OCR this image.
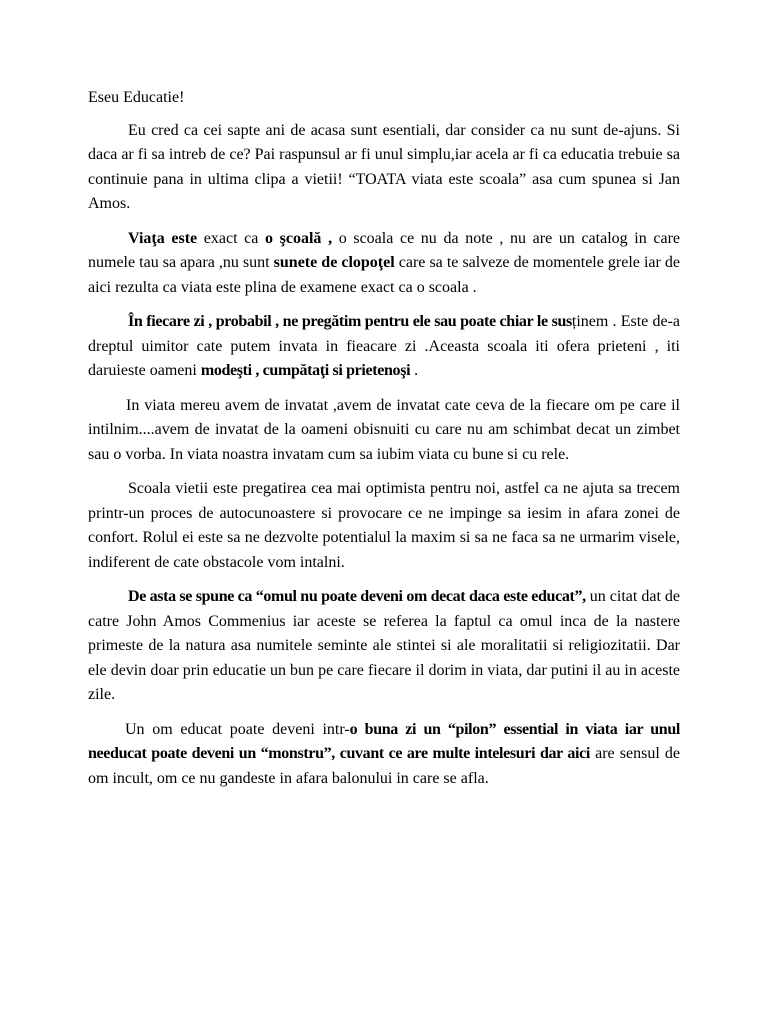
Eseu Educatie!

Eu cred ca cei sapte ani de acasa sunt esentiali, dar consider ca nu sunt de-ajuns. Si daca ar fi sa intreb de ce? Pai raspunsul ar fi unul simplu,iar acela ar fi ca educatia trebuie sa continuie pana in ultima clipa a vietii! “TOATA viata este scoala” asa cum spunea si Jan Amos.

Viaţa este exact ca o şcoală , o scoala ce nu da note , nu are un catalog in care numele tau sa apara ,nu sunt sunete de clopoţel care sa te salveze de momentele grele iar de aici rezulta ca viata este plina de examene exact ca o scoala .

În fiecare zi , probabil , ne pregătim pentru ele sau poate chiar le susținem . Este de-a dreptul uimitor cate putem invata in fieacare zi .Aceasta scoala iti ofera prieteni , iti daruieste oameni modeşti , cumpătaţi si prietenoşi .

In viata mereu avem de invatat ,avem de invatat cate ceva de la fiecare om pe care il intilnim....avem de invatat de la oameni obisnuiti cu care nu am schimbat decat un zimbet sau o vorba. In viata noastra invatam cum sa iubim viata cu bune si cu rele.

Scoala vietii este pregatirea cea mai optimista pentru noi, astfel ca ne ajuta sa trecem printr-un proces de autocunoastere si provocare ce ne impinge sa iesim in afara zonei de confort. Rolul ei este sa ne dezvolte potentialul la maxim si sa ne faca sa ne urmarim visele, indiferent de cate obstacole vom intalni.

De asta se spune ca “omul nu poate deveni om decat daca este educat”, un citat dat de catre John Amos Commenius iar aceste se referea la faptul ca omul inca de la nastere primeste de la natura asa numitele seminte ale stintei si ale moralitatii si religiozitatii. Dar ele devin doar prin educatie un bun pe care fiecare il dorim in viata, dar putini il au in aceste zile.

Un om educat poate deveni intr-o buna zi un “pilon” essential in viata iar unul needucat poate deveni un “monstru”, cuvant ce are multe intelesuri dar aici are sensul de om incult, om ce nu gandeste in afara balonului in care se afla.
